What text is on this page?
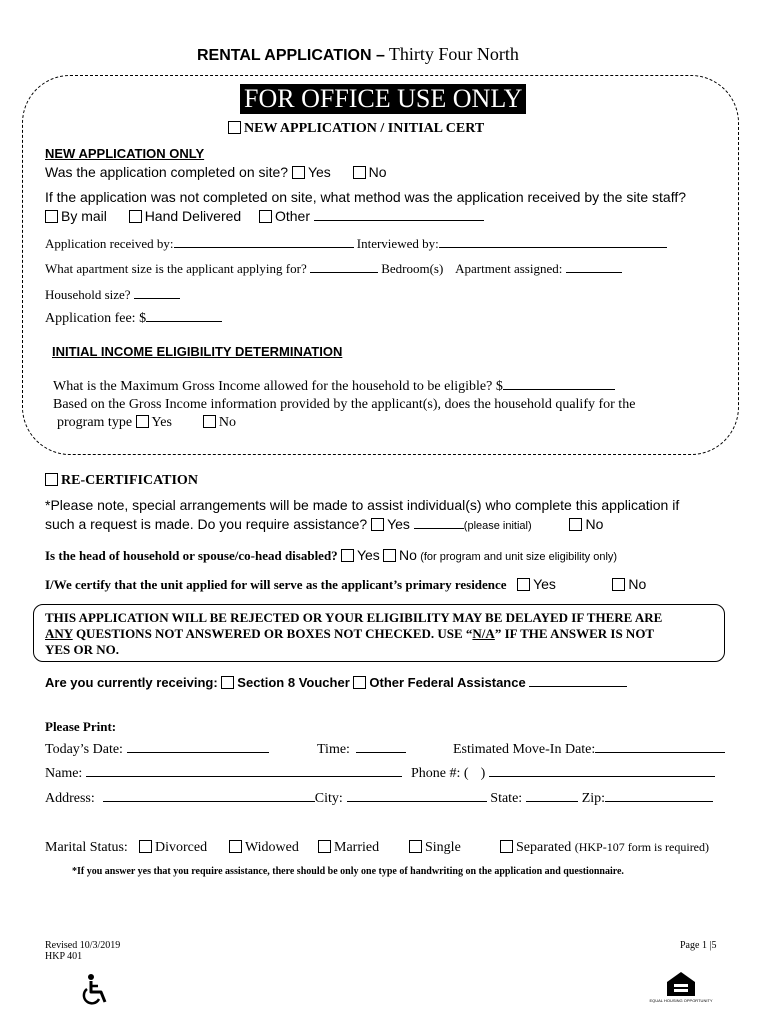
RENTAL APPLICATION – Thirty Four North
FOR OFFICE USE ONLY
NEW APPLICATION / INITIAL CERT
NEW APPLICATION ONLY
Was the application completed on site? Yes	No
If the application was not completed on site, what method was the application received by the site staff?
By mail	Hand Delivered Other
Application received by:	Interviewed by:
What apartment size is the applicant applying for?	Bedroom(s) Apartment assigned:
Household size?
Application fee: $
INITIAL INCOME ELIGIBILITY DETERMINATION
What is the Maximum Gross Income allowed for the household to be eligible? $
Based on the Gross Income information provided by the applicant(s), does the household qualify for the
program type Yes	No
RE-CERTIFICATION
*Please note, special arrangements will be made to assist individual(s) who complete this application if
such a request is made. Do you require assistance? Yes	(please initial)	No
Is the head of household or spouse/co-head disabled? Yes No (for program and unit size eligibility only)
I/We certify that the unit applied for will serve as the applicant’s primary residence Yes	No
THIS APPLICATION WILL BE REJECTED OR YOUR ELIGIBILITY MAY BE DELAYED IF THERE ARE
ANY QUESTIONS NOT ANSWERED OR BOXES NOT CHECKED. USE “N/A” IF THE ANSWER IS NOT
YES OR NO.
Are you currently receiving: Section 8 Voucher Other Federal Assistance
Please Print:
Today’s Date:	Time:	Estimated Move-In Date:
Name:	Phone #: ( )
Address:	City:	State:	Zip:
Marital Status:	Divorced	Widowed	Married	Single	Separated (HKP-107 form is required)
*If you answer yes that you require assistance, there should be only one type of handwriting on the application and questionnaire.
Revised 10/3/2019
HKP 401
Page 1 |5
EQUAL HOUSING OPPORTUNITY
